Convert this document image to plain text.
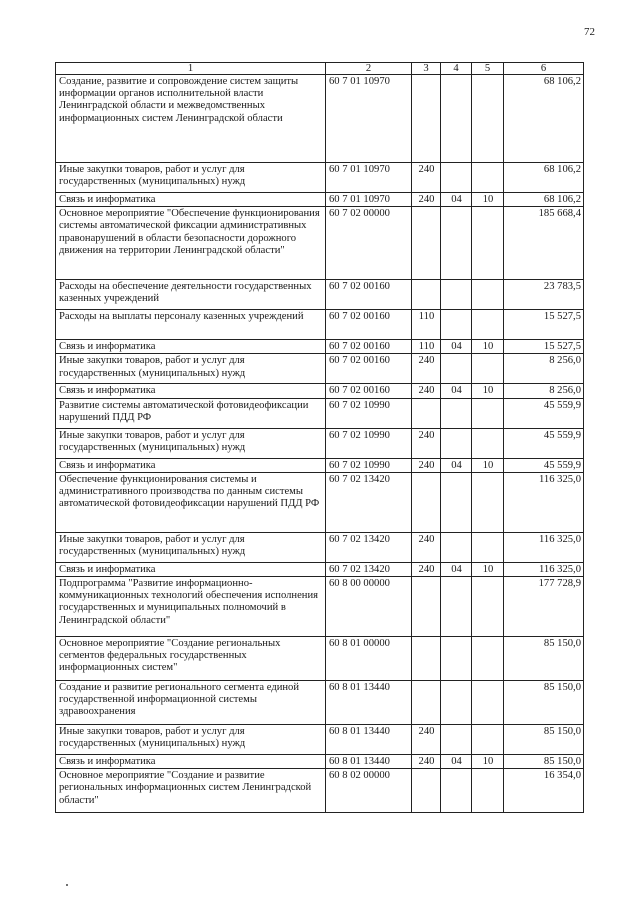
72
1	2	3	4	5	6
Создание, развитие и сопровождение систем защиты информации органов исполнительной власти Ленинградской области и межведомственных информационных систем Ленинградской области	60 7 01 10970				68 106,2
Иные закупки товаров, работ и услуг для государственных (муниципальных) нужд	60 7 01 10970	240			68 106,2
Связь и информатика	60 7 01 10970	240	04	10	68 106,2
Основное мероприятие "Обеспечение функционирования системы автоматической фиксации административных правонарушений в области безопасности дорожного движения на территории Ленинградской области"	60 7 02 00000				185 668,4
Расходы на обеспечение деятельности государственных казенных учреждений	60 7 02 00160				23 783,5
Расходы на выплаты персоналу казенных учреждений	60 7 02 00160	110			15 527,5
Связь и информатика	60 7 02 00160	110	04	10	15 527,5
Иные закупки товаров, работ и услуг для государственных (муниципальных) нужд	60 7 02 00160	240			8 256,0
Связь и информатика	60 7 02 00160	240	04	10	8 256,0
Развитие системы автоматической фотовидеофиксации нарушений ПДД РФ	60 7 02 10990				45 559,9
Иные закупки товаров, работ и услуг для государственных (муниципальных) нужд	60 7 02 10990	240			45 559,9
Связь и информатика	60 7 02 10990	240	04	10	45 559,9
Обеспечение функционирования системы и административного производства по данным системы автоматической фотовидеофиксации нарушений ПДД РФ	60 7 02 13420				116 325,0
Иные закупки товаров, работ и услуг для государственных (муниципальных) нужд	60 7 02 13420	240			116 325,0
Связь и информатика	60 7 02 13420	240	04	10	116 325,0
Подпрограмма "Развитие информационно-коммуникационных технологий обеспечения исполнения государственных и муниципальных полномочий в Ленинградской области"	60 8 00 00000				177 728,9
Основное мероприятие "Создание региональных сегментов федеральных государственных информационных систем"	60 8 01 00000				85 150,0
Создание и развитие регионального сегмента единой государственной информационной системы здравоохранения	60 8 01 13440				85 150,0
Иные закупки товаров, работ и услуг для государственных (муниципальных) нужд	60 8 01 13440	240			85 150,0
Связь и информатика	60 8 01 13440	240	04	10	85 150,0
Основное мероприятие "Создание и развитие региональных информационных систем Ленинградской области"	60 8 02 00000				16 354,0
